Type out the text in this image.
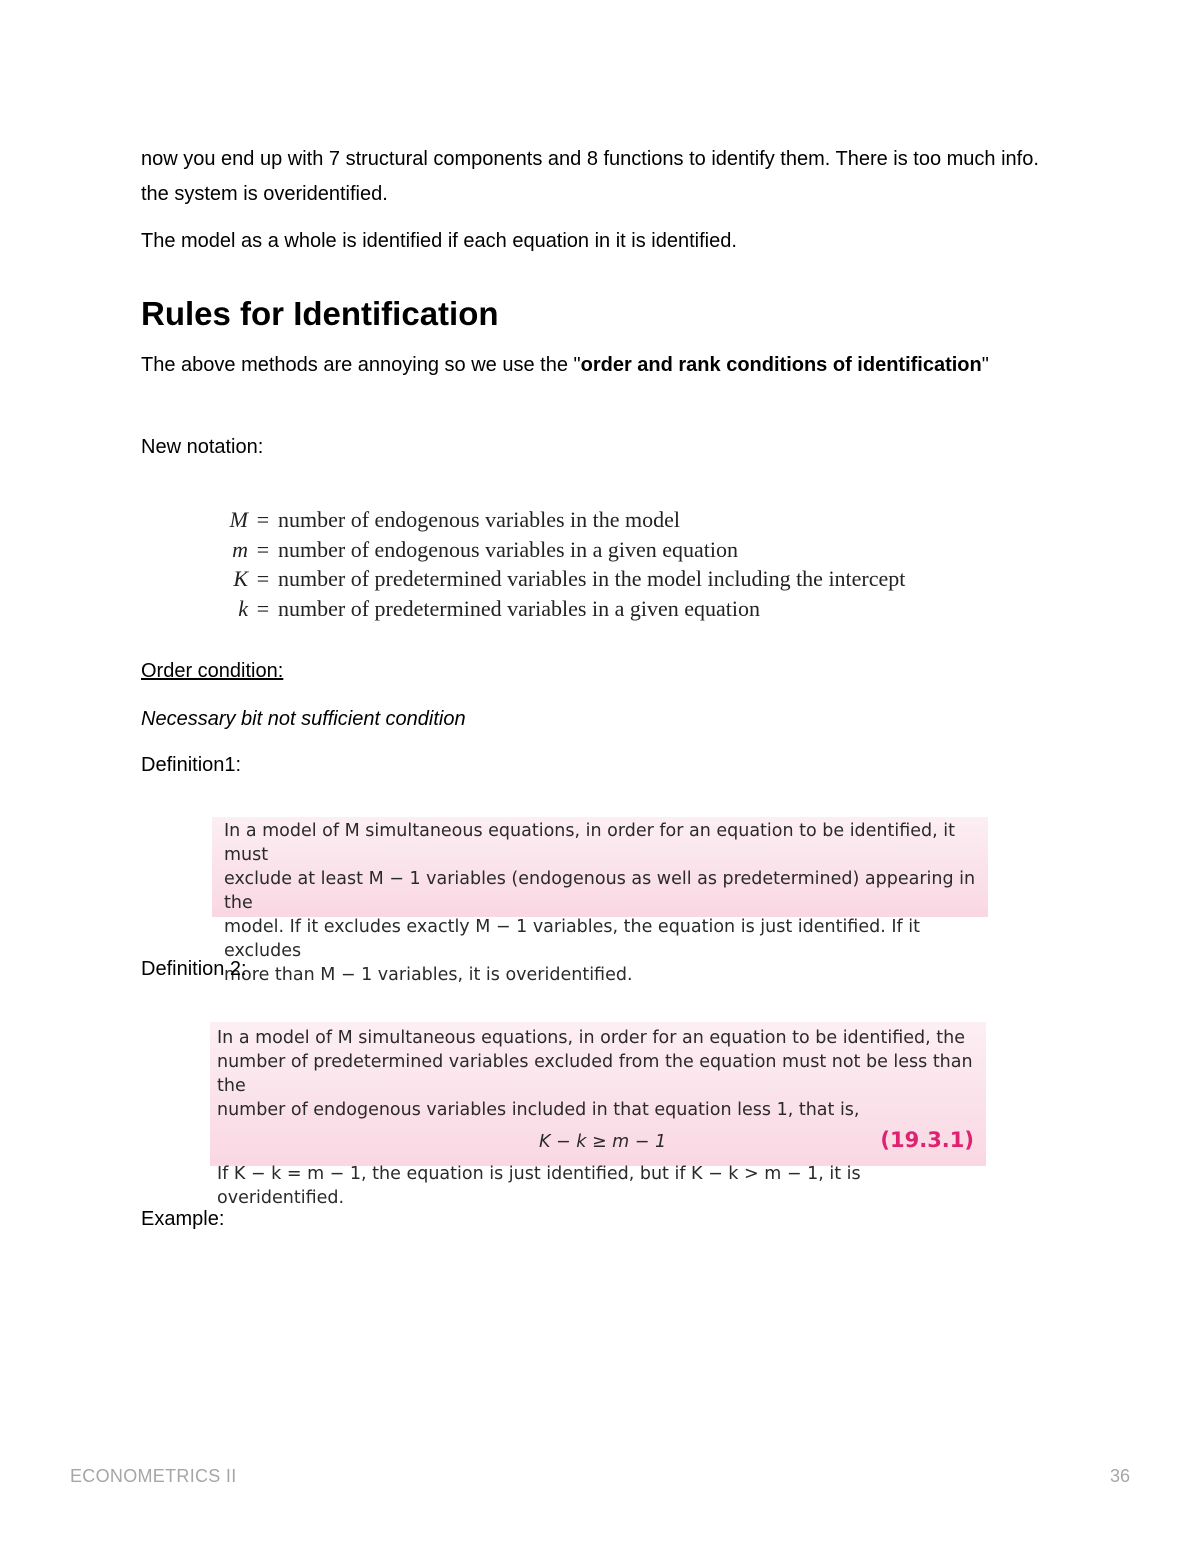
now you end up with 7 structural components and 8 functions to identify them. There is too much info. the system is overidentified.

The model as a whole is identified if each equation in it is identified.

Rules for Identification

The above methods are annoying so we use the "order and rank conditions of identification"

New notation:

M = number of endogenous variables in the model
m = number of endogenous variables in a given equation
K = number of predetermined variables in the model including the intercept
k = number of predetermined variables in a given equation

Order condition:

Necessary bit not sufficient condition

Definition1:

In a model of M simultaneous equations, in order for an equation to be identified, it must
exclude at least M − 1 variables (endogenous as well as predetermined) appearing in the
model. If it excludes exactly M − 1 variables, the equation is just identified. If it excludes
more than M − 1 variables, it is overidentified.

Definition 2:

In a model of M simultaneous equations, in order for an equation to be identified, the
number of predetermined variables excluded from the equation must not be less than the
number of endogenous variables included in that equation less 1, that is,
K − k ≥ m − 1	(19.3.1)
If K − k = m − 1, the equation is just identified, but if K − k > m − 1, it is overidentified.

Example:

ECONOMETRICS II	36
